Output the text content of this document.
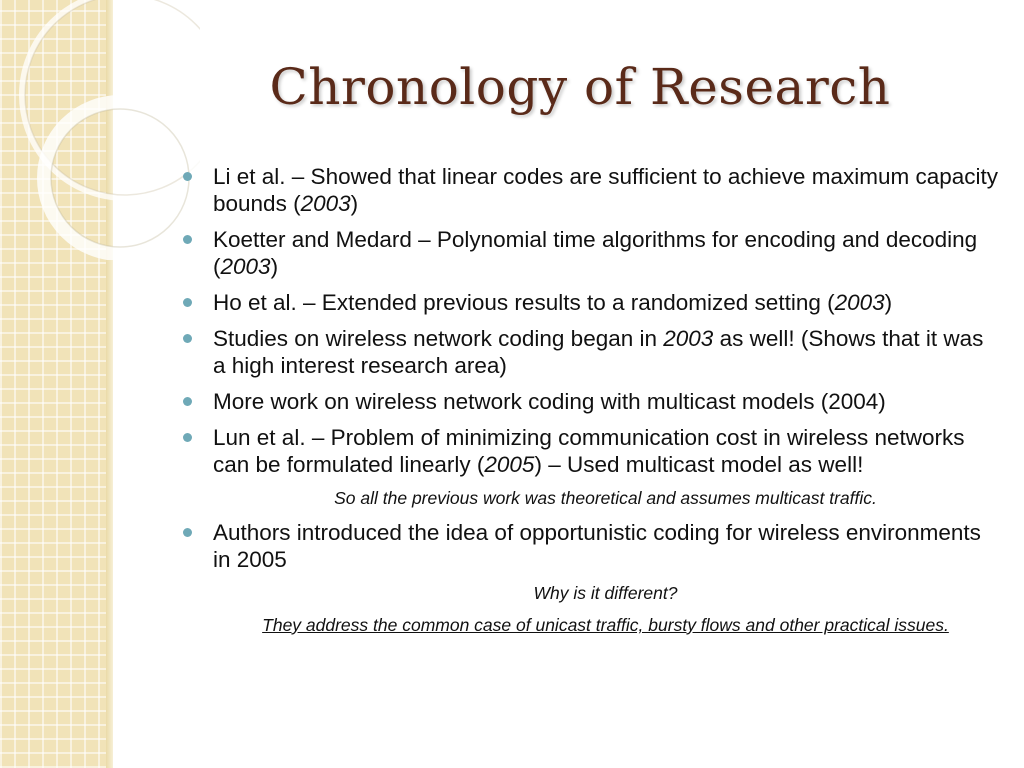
Chronology of Research
Li et al. – Showed that linear codes are sufficient to achieve maximum capacity bounds (2003)
Koetter and Medard – Polynomial time algorithms for encoding and decoding (2003)
Ho et al. – Extended previous results to a randomized setting (2003)
Studies on wireless network coding began in 2003 as well! (Shows that it was a high interest research area)
More work on wireless network coding with multicast models (2004)
Lun et al. – Problem of minimizing communication cost in wireless networks can be formulated linearly (2005) – Used multicast model as well!
So all the previous work was theoretical and assumes multicast traffic.
Authors introduced the idea of opportunistic coding for wireless environments in 2005
Why is it different?
They address the common case of unicast traffic, bursty flows and other practical issues.
